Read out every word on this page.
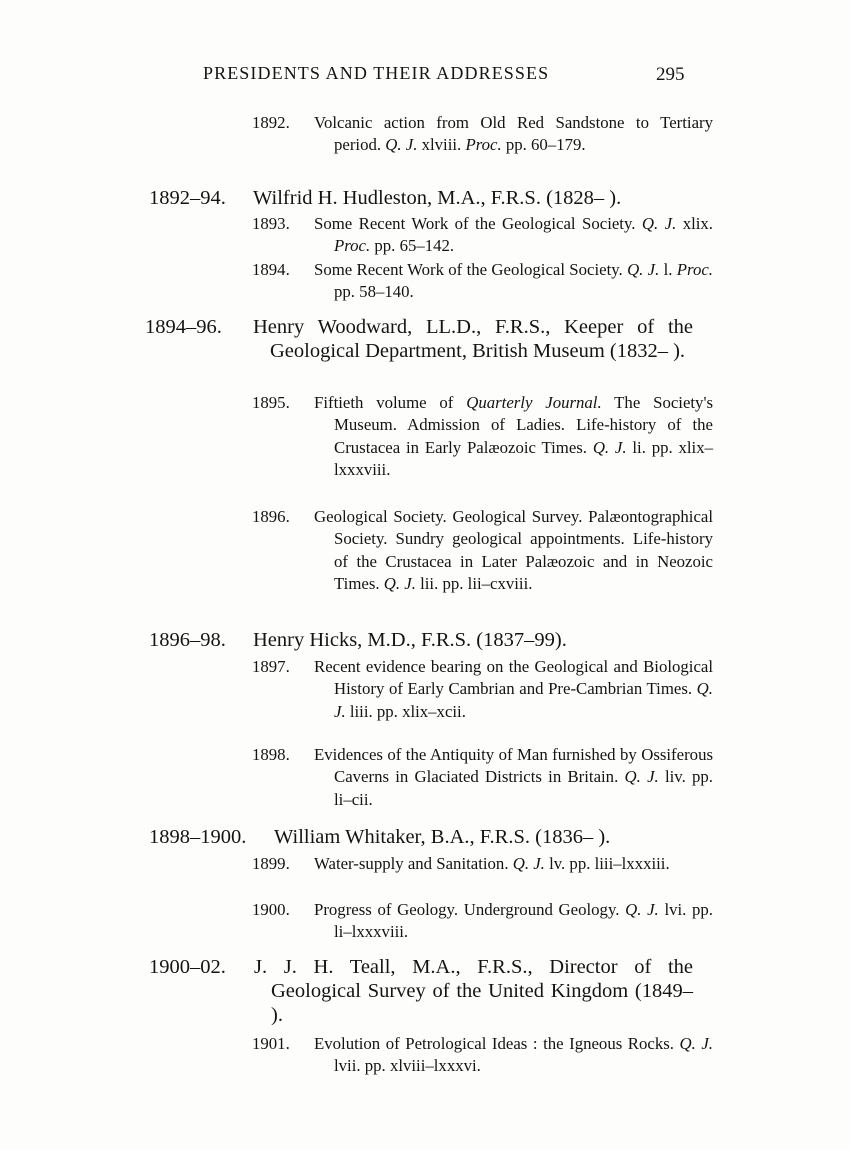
PRESIDENTS AND THEIR ADDRESSES	295
1892. Volcanic action from Old Red Sandstone to Tertiary period. Q. J. xlviii. Proc. pp. 60–179.
1892–94. Wilfrid H. Hudleston, M.A., F.R.S. (1828– ).
1893. Some Recent Work of the Geological Society. Q. J. xlix. Proc. pp. 65–142.
1894. Some Recent Work of the Geological Society. Q. J. l. Proc. pp. 58–140.
1894–96. Henry Woodward, LL.D., F.R.S., Keeper of the Geological Department, British Museum (1832– ).
1895. Fiftieth volume of Quarterly Journal. The Society's Museum. Admission of Ladies. Life-history of the Crustacea in Early Palæozoic Times. Q. J. li. pp. xlix–lxxxviii.
1896. Geological Society. Geological Survey. Palæontographical Society. Sundry geological appointments. Life-history of the Crustacea in Later Palæozoic and in Neozoic Times. Q. J. lii. pp. lii–cxviii.
1896–98. Henry Hicks, M.D., F.R.S. (1837–99).
1897. Recent evidence bearing on the Geological and Biological History of Early Cambrian and Pre-Cambrian Times. Q. J. liii. pp. xlix–xcii.
1898. Evidences of the Antiquity of Man furnished by Ossiferous Caverns in Glaciated Districts in Britain. Q. J. liv. pp. li–cii.
1898–1900. William Whitaker, B.A., F.R.S. (1836– ).
1899. Water-supply and Sanitation. Q. J. lv. pp. liii–lxxxiii.
1900. Progress of Geology. Underground Geology. Q. J. lvi. pp. li–lxxxviii.
1900–02. J. J. H. Teall, M.A., F.R.S., Director of the Geological Survey of the United Kingdom (1849– ).
1901. Evolution of Petrological Ideas : the Igneous Rocks. Q. J. lvii. pp. xlviii–lxxxvi.
